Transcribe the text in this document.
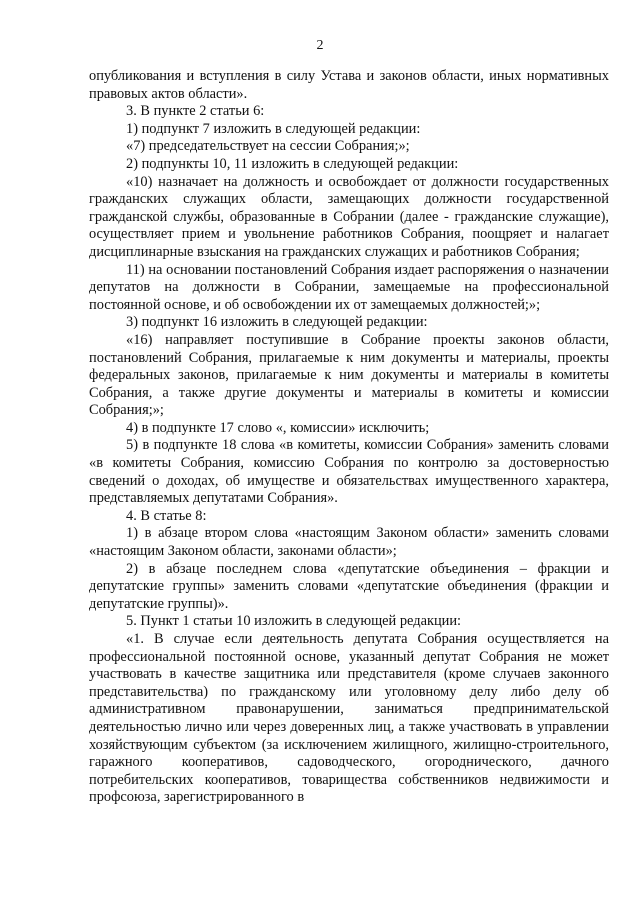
2

опубликования и вступления в силу Устава и законов области, иных нормативных правовых актов области».

3. В пункте 2 статьи 6:

1) подпункт 7 изложить в следующей редакции:

«7) председательствует на сессии Собрания;»;

2) подпункты 10, 11 изложить в следующей редакции:

«10) назначает на должность и освобождает от должности государственных гражданских служащих области, замещающих должности государственной гражданской службы, образованные в Собрании (далее - гражданские служащие), осуществляет прием и увольнение работников Собрания, поощряет и налагает дисциплинарные взыскания на гражданских служащих и работников Собрания;

11) на основании постановлений Собрания издает распоряжения о назначении депутатов на должности в Собрании, замещаемые на профессиональной постоянной основе, и об освобождении их от замещаемых должностей;»;

3) подпункт 16 изложить в следующей редакции:

«16) направляет поступившие в Собрание проекты законов области, постановлений Собрания, прилагаемые к ним документы и материалы, проекты федеральных законов, прилагаемые к ним документы и материалы в комитеты Собрания, а также другие документы и материалы в комитеты и комиссии Собрания;»;

4) в подпункте 17 слово «, комиссии» исключить;

5) в подпункте 18 слова «в комитеты, комиссии Собрания» заменить словами «в комитеты Собрания, комиссию Собрания по контролю за достоверностью сведений о доходах, об имуществе и обязательствах имущественного характера, представляемых депутатами Собрания».

4. В статье 8:

1) в абзаце втором слова «настоящим Законом области» заменить словами «настоящим Законом области, законами области»;

2) в абзаце последнем слова «депутатские объединения – фракции и депутатские группы» заменить словами «депутатские объединения (фракции и депутатские группы)».

5. Пункт 1 статьи 10 изложить в следующей редакции:

«1. В случае если деятельность депутата Собрания осуществляется на профессиональной постоянной основе, указанный депутат Собрания не может участвовать в качестве защитника или представителя (кроме случаев законного представительства) по гражданскому или уголовному делу либо делу об административном правонарушении, заниматься предпринимательской деятельностью лично или через доверенных лиц, а также участвовать в управлении хозяйствующим субъектом (за исключением жилищного, жилищно-строительного, гаражного кооперативов, садоводческого, огороднического, дачного потребительских кооперативов, товарищества собственников недвижимости и профсоюза, зарегистрированного в
